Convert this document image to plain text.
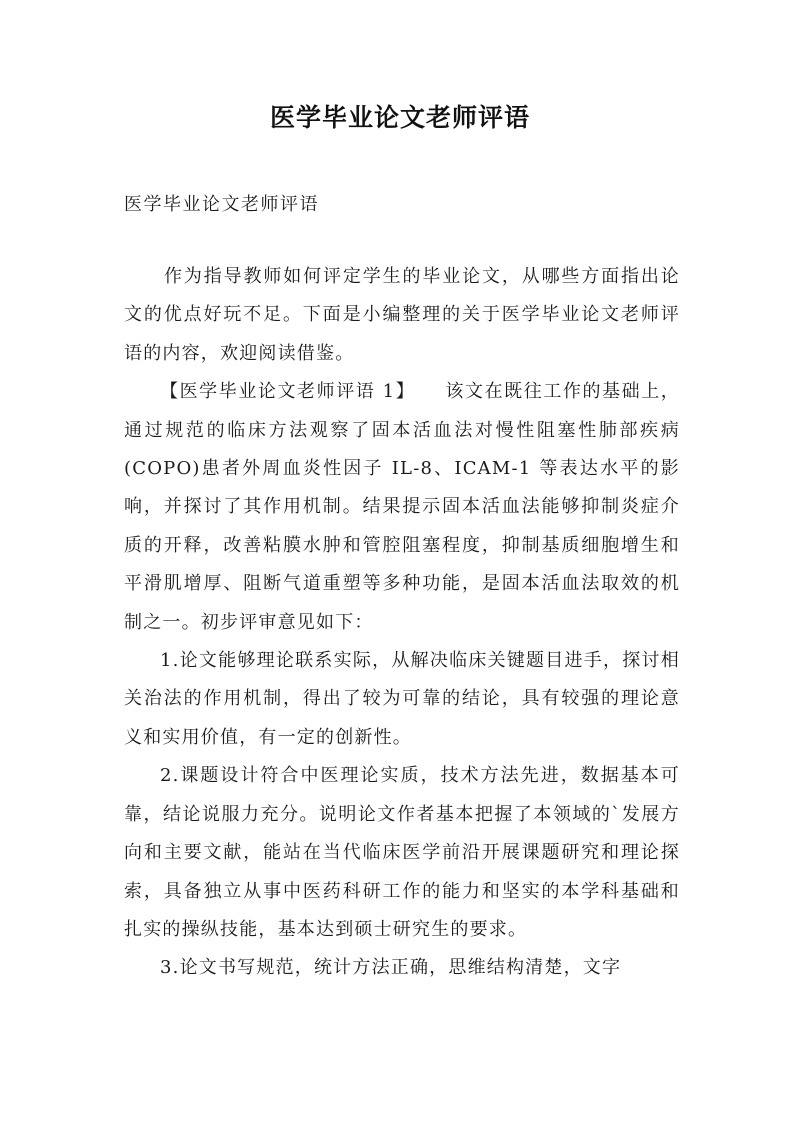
医学毕业论文老师评语
医学毕业论文老师评语

作为指导教师如何评定学生的毕业论文，从哪些方面指出论文的优点好玩不足。下面是小编整理的关于医学毕业论文老师评语的内容，欢迎阅读借鉴。

【医学毕业论文老师评语 1】　　该文在既往工作的基础上，通过规范的临床方法观察了固本活血法对慢性阻塞性肺部疾病(COPO)患者外周血炎性因子 IL-8、ICAM-1 等表达水平的影响，并探讨了其作用机制。结果提示固本活血法能够抑制炎症介质的开释，改善粘膜水肿和管腔阻塞程度，抑制基质细胞增生和平滑肌增厚、阻断气道重塑等多种功能，是固本活血法取效的机制之一。初步评审意见如下：

1.论文能够理论联系实际，从解决临床关键题目进手，探讨相关治法的作用机制，得出了较为可靠的结论，具有较强的理论意义和实用价值，有一定的创新性。

2.课题设计符合中医理论实质，技术方法先进，数据基本可靠，结论说服力充分。说明论文作者基本把握了本领域的`发展方向和主要文献，能站在当代临床医学前沿开展课题研究和理论探索，具备独立从事中医药科研工作的能力和坚实的本学科基础和扎实的操纵技能，基本达到硕士研究生的要求。

3.论文书写规范，统计方法正确，思维结构清楚，文字
